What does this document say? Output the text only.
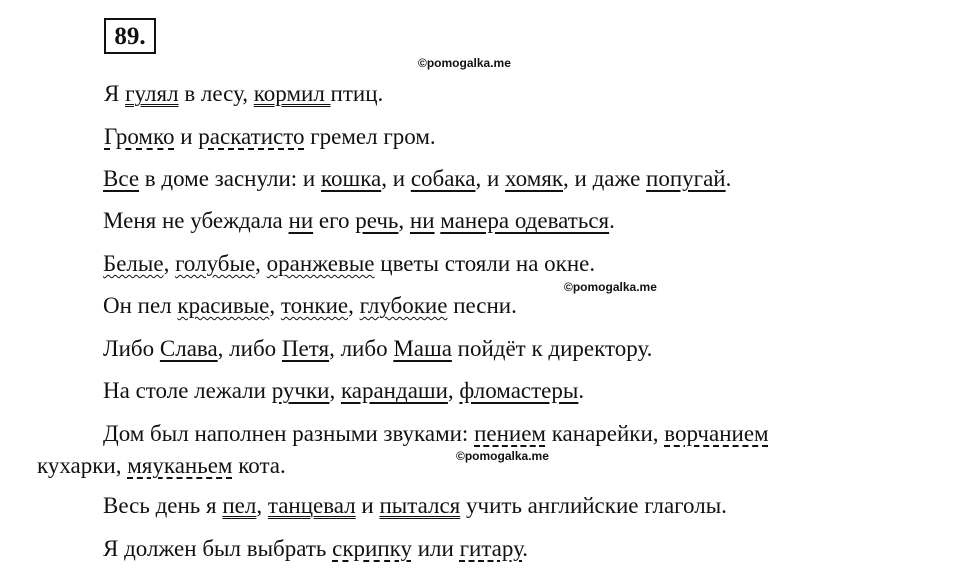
89.
©pomogalka.me
©pomogalka.me
©pomogalka.me
Я гулял в лесу, кормил птиц.
Громко и раскатисто гремел гром.
Все в доме заснули: и кошка, и собака, и хомяк, и даже попугай.
Меня не убеждала ни его речь, ни манера одеваться.
Белые, голубые, оранжевые цветы стояли на окне.
Он пел красивые, тонкие, глубокие песни.
Либо Слава, либо Петя, либо Маша пойдёт к директору.
На столе лежали ручки, карандаши, фломастеры.
Дом был наполнен разными звуками: пением канарейки, ворчанием
кухарки, мяуканьем кота.
Весь день я пел, танцевал и пытался учить английские глаголы.
Я должен был выбрать скрипку или гитару.
